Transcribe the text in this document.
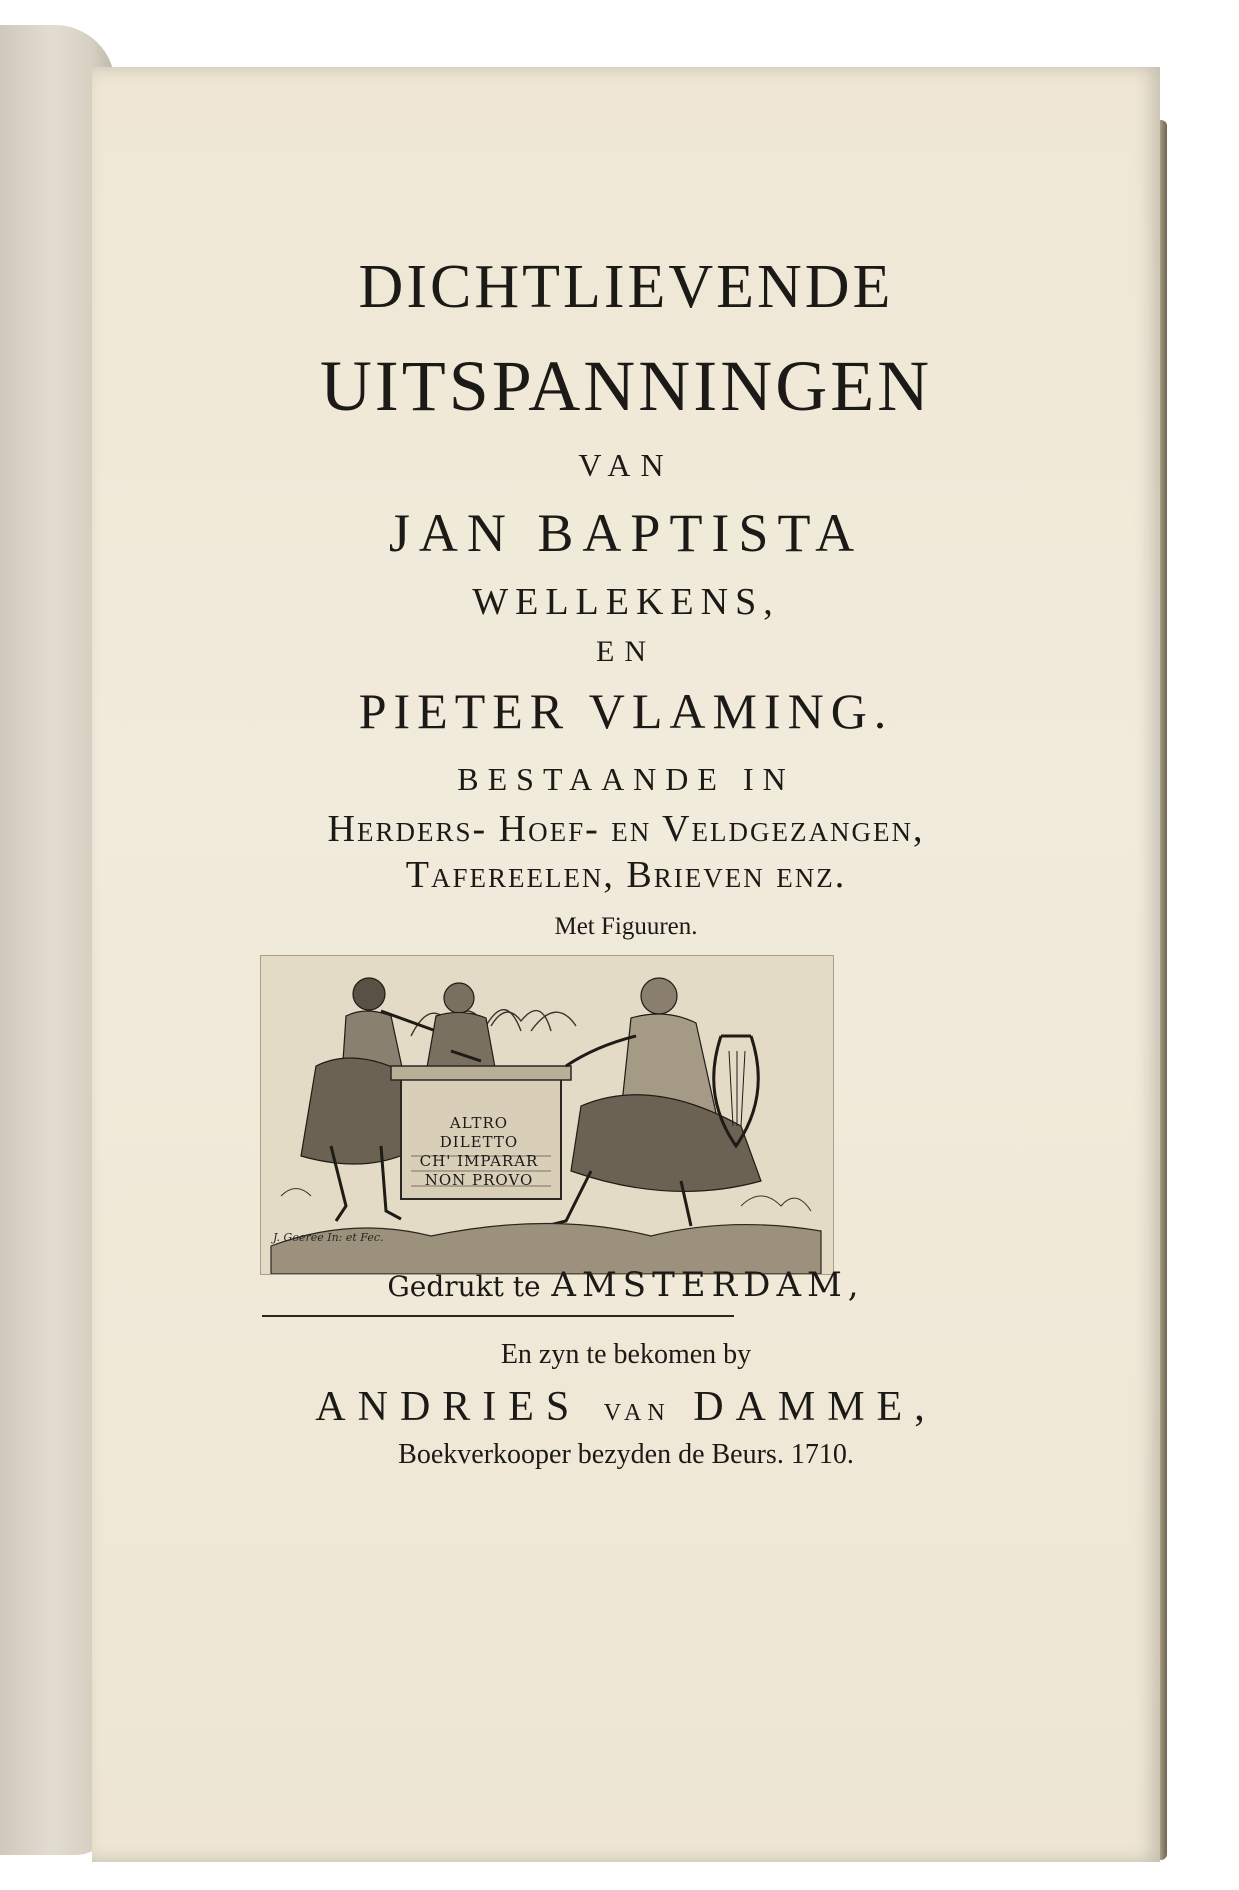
DICHTLIEVENDE
UITSPANNINGEN
VAN
JAN BAPTISTA
WELLEKENS,
EN
PIETER VLAMING.
BESTAANDE IN
Herders- Hoef- en Veldgezangen,
Tafereelen, Brieven enz.
Met Figuuren.
ALTRO DILETTO
CH' IMPARAR
NON PROVO
J. Goeree In: et Fec.
Gedrukt te AMSTERDAM,
En zyn te bekomen by
ANDRIES VAN DAMME,
Boekverkooper bezyden de Beurs. 1710.
